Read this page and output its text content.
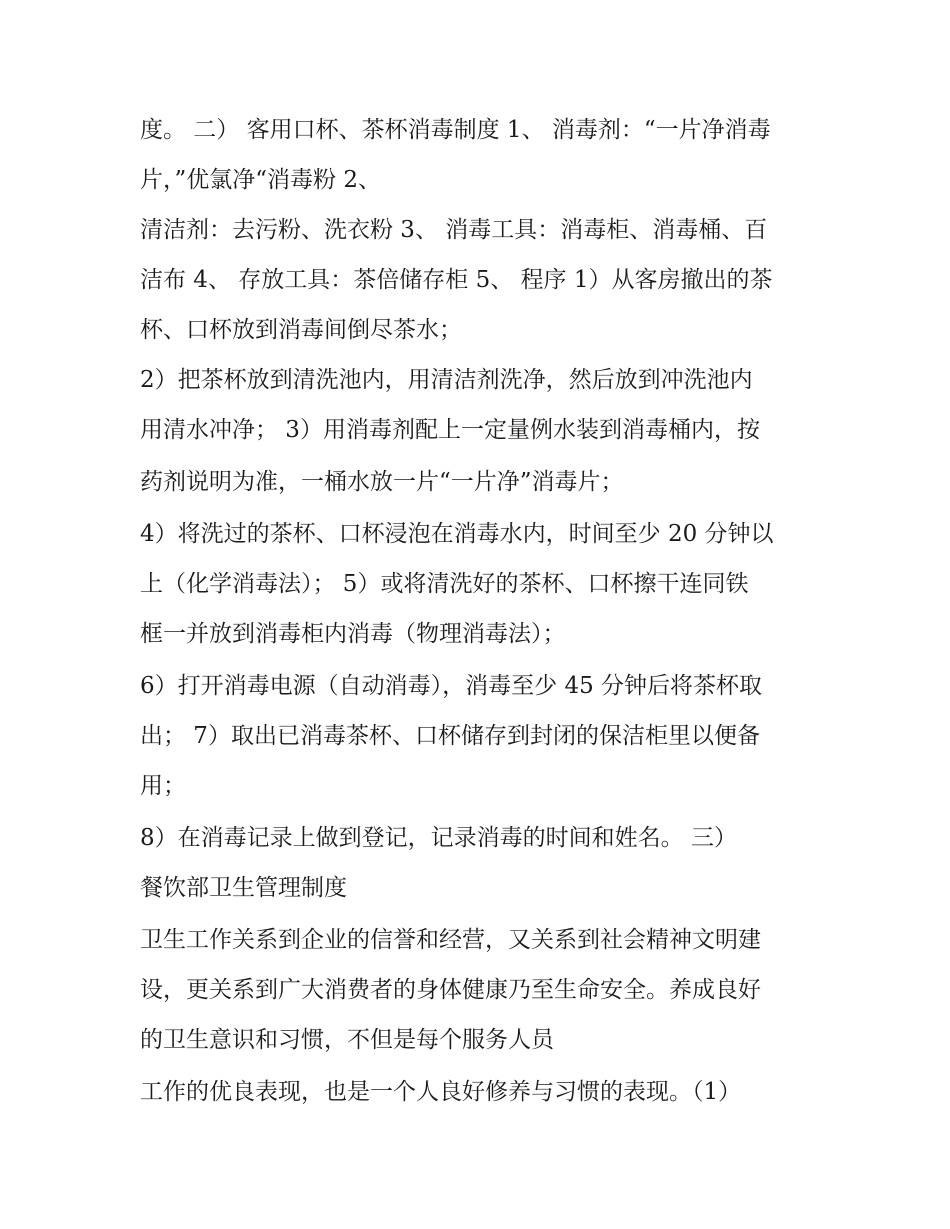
度。 二） 客用口杯、茶杯消毒制度 1、 消毒剂：“一片净消毒

片，”优氯净“消毒粉 2、

清洁剂：去污粉、洗衣粉 3、 消毒工具：消毒柜、消毒桶、百

洁布 4、 存放工具：茶倍储存柜 5、 程序 1）从客房撤出的茶

杯、口杯放到消毒间倒尽茶水；

2）把茶杯放到清洗池内，用清洁剂洗净，然后放到冲洗池内

用清水冲净； 3）用消毒剂配上一定量例水装到消毒桶内，按

药剂说明为准，一桶水放一片“一片净”消毒片；

4）将洗过的茶杯、口杯浸泡在消毒水内，时间至少 20 分钟以

上（化学消毒法）； 5）或将清洗好的茶杯、口杯擦干连同铁

框一并放到消毒柜内消毒（物理消毒法）；

6）打开消毒电源（自动消毒），消毒至少 45 分钟后将茶杯取

出； 7）取出已消毒茶杯、口杯储存到封闭的保洁柜里以便备

用；

8）在消毒记录上做到登记，记录消毒的时间和姓名。 三）

餐饮部卫生管理制度

卫生工作关系到企业的信誉和经营，又关系到社会精神文明建

设，更关系到广大消费者的身体健康乃至生命安全。养成良好

的卫生意识和习惯，不但是每个服务人员

工作的优良表现，也是一个人良好修养与习惯的表现。（1）
